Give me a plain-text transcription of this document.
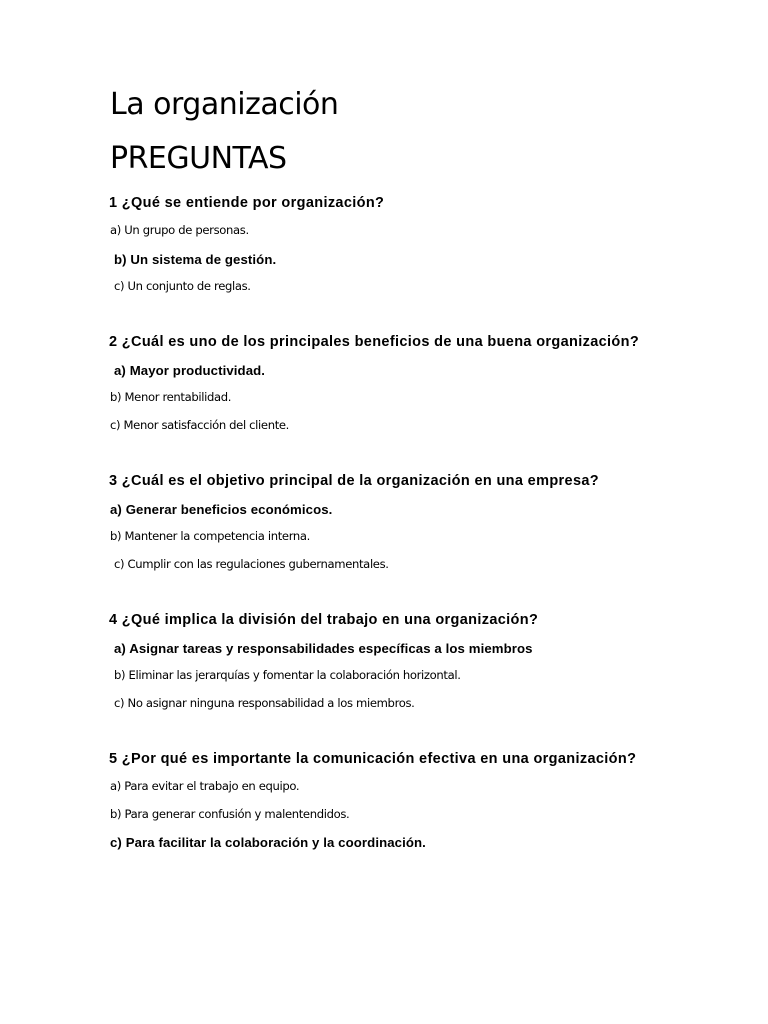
La organización
PREGUNTAS
1 ¿Qué se entiende por organización?
a) Un grupo de personas.
b) Un sistema de gestión.
c) Un conjunto de reglas.
2 ¿Cuál es uno de los principales beneficios de una buena organización?
a) Mayor productividad.
b) Menor rentabilidad.
c) Menor satisfacción del cliente.
3 ¿Cuál es el objetivo principal de la organización en una empresa?
a) Generar beneficios económicos.
b) Mantener la competencia interna.
c) Cumplir con las regulaciones gubernamentales.
4 ¿Qué implica la división del trabajo en una organización?
a) Asignar tareas y responsabilidades específicas a los miembros
b) Eliminar las jerarquías y fomentar la colaboración horizontal.
c) No asignar ninguna responsabilidad a los miembros.
5 ¿Por qué es importante la comunicación efectiva en una organización?
a) Para evitar el trabajo en equipo.
b) Para generar confusión y malentendidos.
c) Para facilitar la colaboración y la coordinación.
